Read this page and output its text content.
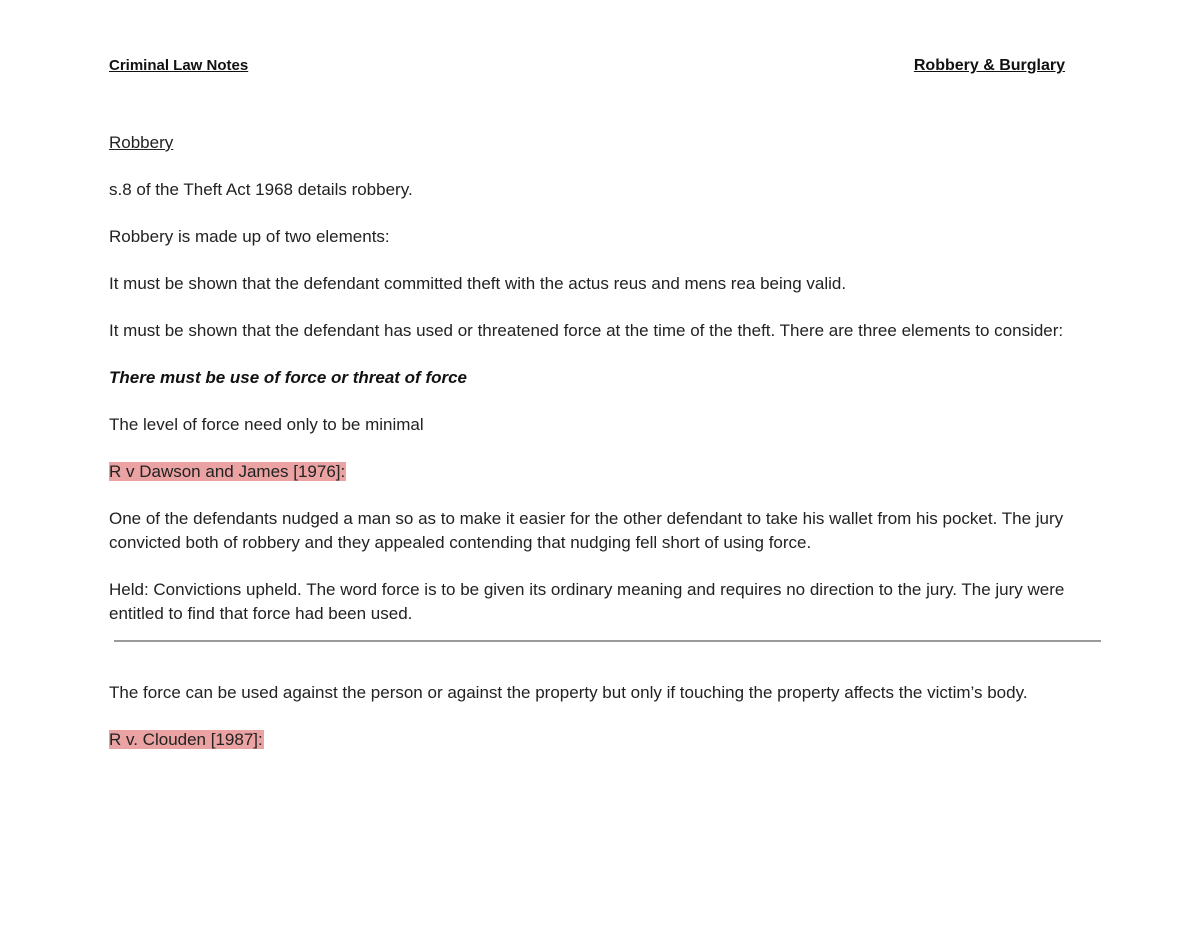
Criminal Law Notes	Robbery & Burglary

Robbery

s.8 of the Theft Act 1968 details robbery.

Robbery is made up of two elements:

It must be shown that the defendant committed theft with the actus reus and mens rea being valid.

It must be shown that the defendant has used or threatened force at the time of the theft. There are three elements to consider:

There must be use of force or threat of force

The level of force need only to be minimal

R v Dawson and James [1976]:

One of the defendants nudged a man so as to make it easier for the other defendant to take his wallet from his pocket. The jury convicted both of robbery and they appealed contending that nudging fell short of using force.

Held: Convictions upheld. The word force is to be given its ordinary meaning and requires no direction to the jury. The jury were entitled to find that force had been used.

The force can be used against the person or against the property but only if touching the property affects the victim’s body.

R v. Clouden [1987]:
